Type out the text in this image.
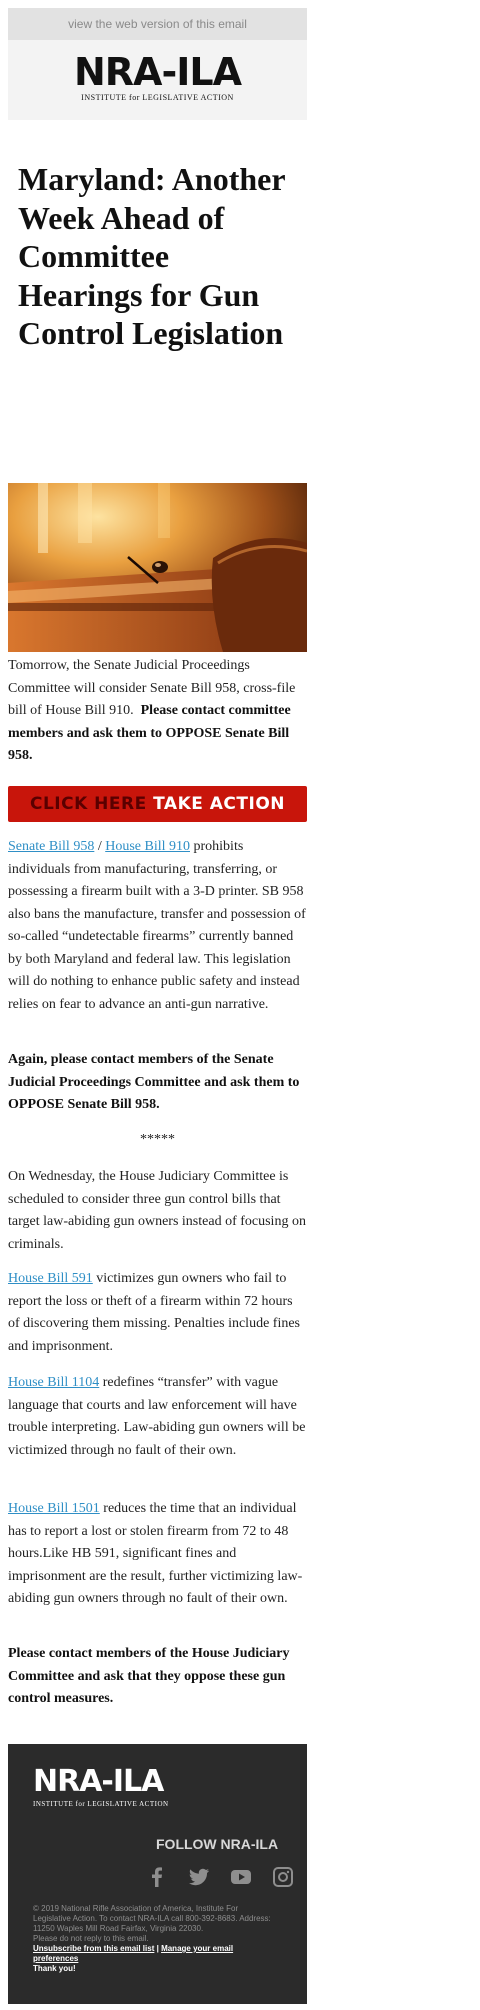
view the web version of this email
NRA-ILA
INSTITUTE for LEGISLATIVE ACTION
Maryland: Another Week Ahead of Committee Hearings for Gun Control Legislation

Tomorrow, the Senate Judicial Proceedings Committee will consider Senate Bill 958, cross-file bill of House Bill 910. Please contact committee members and ask them to OPPOSE Senate Bill 958.

CLICK HERE TAKE ACTION

Senate Bill 958 / House Bill 910 prohibits individuals from manufacturing, transferring, or possessing a firearm built with a 3-D printer. SB 958 also bans the manufacture, transfer and possession of so-called “undetectable firearms” currently banned by both Maryland and federal law. This legislation will do nothing to enhance public safety and instead relies on fear to advance an anti-gun narrative.

Again, please contact members of the Senate Judicial Proceedings Committee and ask them to OPPOSE Senate Bill 958.

*****

On Wednesday, the House Judiciary Committee is scheduled to consider three gun control bills that target law-abiding gun owners instead of focusing on criminals.

House Bill 591 victimizes gun owners who fail to report the loss or theft of a firearm within 72 hours of discovering them missing. Penalties include fines and imprisonment.

House Bill 1104 redefines “transfer” with vague language that courts and law enforcement will have trouble interpreting. Law-abiding gun owners will be victimized through no fault of their own.

House Bill 1501 reduces the time that an individual has to report a lost or stolen firearm from 72 to 48 hours.Like HB 591, significant fines and imprisonment are the result, further victimizing law-abiding gun owners through no fault of their own.

Please contact members of the House Judiciary Committee and ask that they oppose these gun control measures.

NRA-ILA
INSTITUTE for LEGISLATIVE ACTION
FOLLOW NRA-ILA
© 2019 National Rifle Association of America, Institute For Legislative Action. To contact NRA-ILA call 800-392-8683. Address: 11250 Waples Mill Road Fairfax, Virginia 22030.
Please do not reply to this email.
Unsubscribe from this email list | Manage your email preferences
Thank you!
